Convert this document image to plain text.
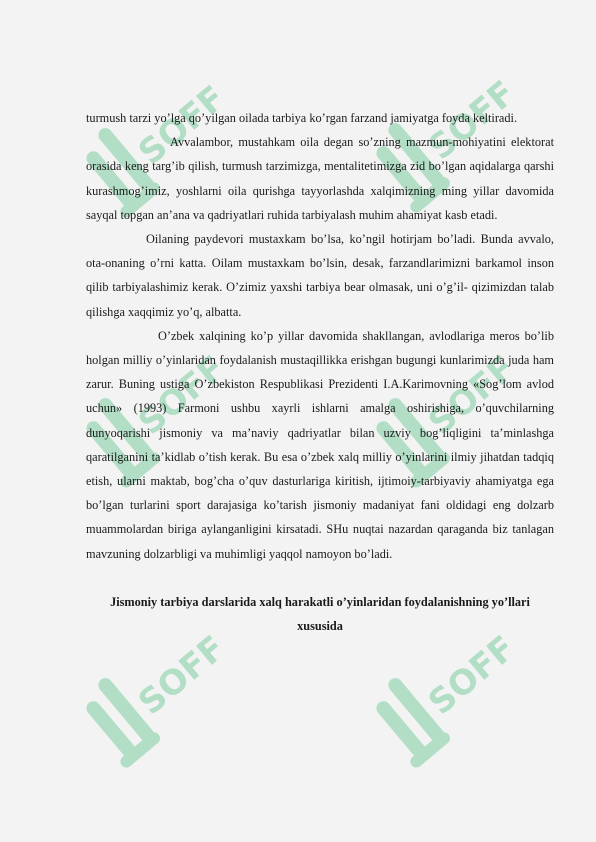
SOFF	SOFF
SOFF	SOFF
SOFF	SOFF

turmush tarzi yo’lga qo’yilgan oilada tarbiya ko’rgan farzand jamiyatga foyda keltiradi.

Avvalambor, mustahkam oila degan so’zning mazmun-mohiyatini elektorat orasida keng targ’ib qilish, turmush tarzimizga, mentalitetimizga zid bo’lgan aqidalarga qarshi kurashmog’imiz, yoshlarni oila qurishga tayyorlashda xalqimizning ming yillar davomida sayqal topgan an’ana va qadriyatlari ruhida tarbiyalash muhim ahamiyat kasb etadi.

Oilaning paydevori mustaxkam bo’lsa, ko’ngil hotirjam bo’ladi. Bunda avvalo, ota-onaning o’rni katta. Oilam mustaxkam bo’lsin, desak, farzandlarimizni barkamol inson qilib tarbiyalashimiz kerak. O’zimiz yaxshi tarbiya bear olmasak, uni o’g’il- qizimizdan talab qilishga xaqqimiz yo’q, albatta.

O’zbek xalqining ko’p yillar davomida shakllangan, avlodlariga meros bo’lib holgan milliy o’yinlaridan foydalanish mustaqillikka erishgan bugungi kunlarimizda juda ham zarur. Buning ustiga O’zbekiston Respublikasi Prezidenti I.A.Karimovning «Sog’lom avlod uchun» (1993) Farmoni ushbu xayrli ishlarni amalga oshirishiga, o’quvchilarning dunyoqarishi jismoniy va ma’naviy qadriyatlar bilan uzviy bog’liqligini ta’minlashga qaratilganini ta’kidlab o’tish kerak. Bu esa o’zbek xalq milliy o’yinlarini ilmiy jihatdan tadqiq etish, ularni maktab, bog’cha o’quv dasturlariga kiritish, ijtimoiy-tarbiyaviy ahamiyatga ega bo’lgan turlarini sport darajasiga ko’tarish jismoniy madaniyat fani oldidagi eng dolzarb muammolardan biriga aylanganligini kirsatadi. SHu nuqtai nazardan qaraganda biz tanlagan mavzuning dolzarbligi va muhimligi yaqqol namoyon bo’ladi.

Jismoniy tarbiya darslarida xalq harakatli o’yinlaridan foydalanishning yo’llari xususida
